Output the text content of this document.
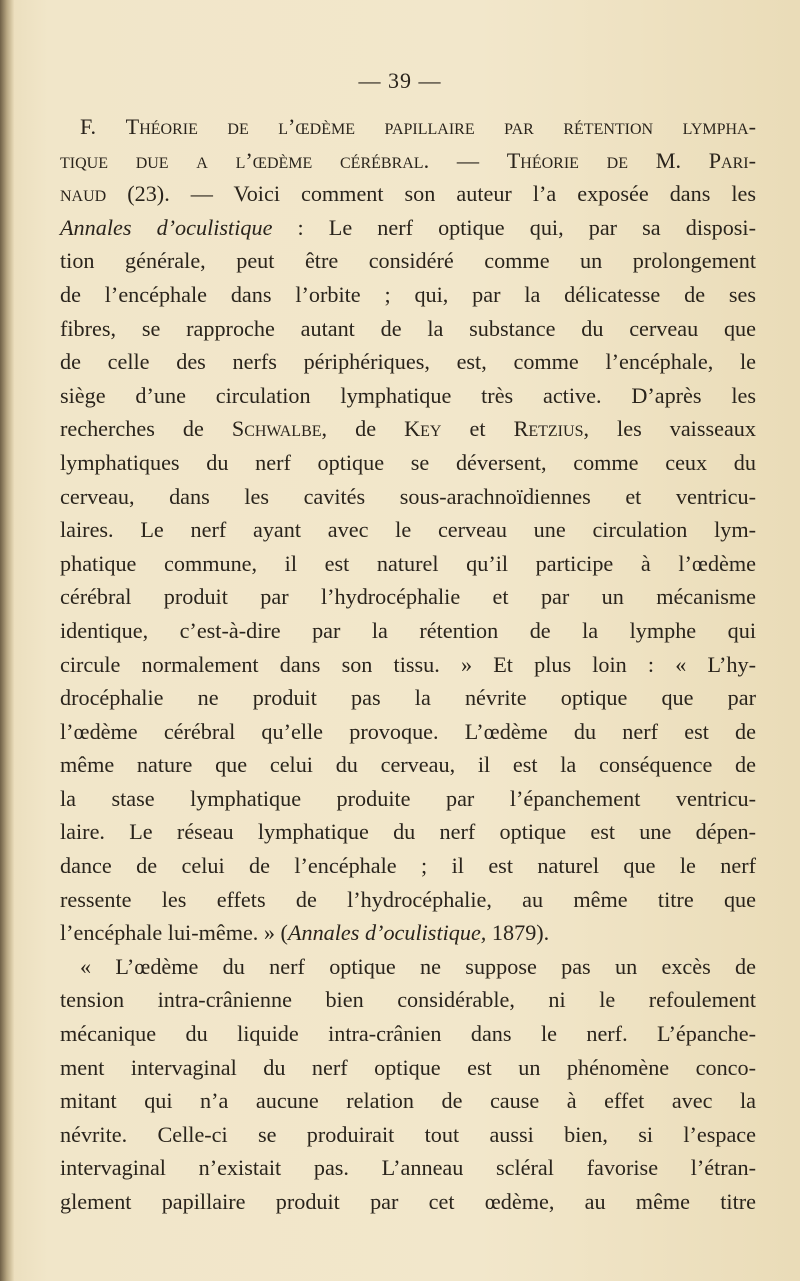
— 39 —
F. Théorie de l’œdème papillaire par rétention lympha-
tique due a l’œdème cérébral. — Théorie de M. Pari-
naud (23). — Voici comment son auteur l’a exposée dans les
Annales d’oculistique : Le nerf optique qui, par sa disposi-
tion générale, peut être considéré comme un prolongement
de l’encéphale dans l’orbite ; qui, par la délicatesse de ses
fibres, se rapproche autant de la substance du cerveau que
de celle des nerfs périphériques, est, comme l’encéphale, le
siège d’une circulation lymphatique très active. D’après les
recherches de Schwalbe, de Key et Retzius, les vaisseaux
lymphatiques du nerf optique se déversent, comme ceux du
cerveau, dans les cavités sous-arachnoïdiennes et ventricu-
laires. Le nerf ayant avec le cerveau une circulation lym-
phatique commune, il est naturel qu’il participe à l’œdème
cérébral produit par l’hydrocéphalie et par un mécanisme
identique, c’est-à-dire par la rétention de la lymphe qui
circule normalement dans son tissu. » Et plus loin : « L’hy-
drocéphalie ne produit pas la névrite optique que par
l’œdème cérébral qu’elle provoque. L’œdème du nerf est de
même nature que celui du cerveau, il est la conséquence de
la stase lymphatique produite par l’épanchement ventricu-
laire. Le réseau lymphatique du nerf optique est une dépen-
dance de celui de l’encéphale ; il est naturel que le nerf
ressente les effets de l’hydrocéphalie, au même titre que
l’encéphale lui-même. » (Annales d’oculistique, 1879).
« L’œdème du nerf optique ne suppose pas un excès de
tension intra-crânienne bien considérable, ni le refoulement
mécanique du liquide intra-crânien dans le nerf. L’épanche-
ment intervaginal du nerf optique est un phénomène conco-
mitant qui n’a aucune relation de cause à effet avec la
névrite. Celle-ci se produirait tout aussi bien, si l’espace
intervaginal n’existait pas. L’anneau scléral favorise l’étran-
glement papillaire produit par cet œdème, au même titre
